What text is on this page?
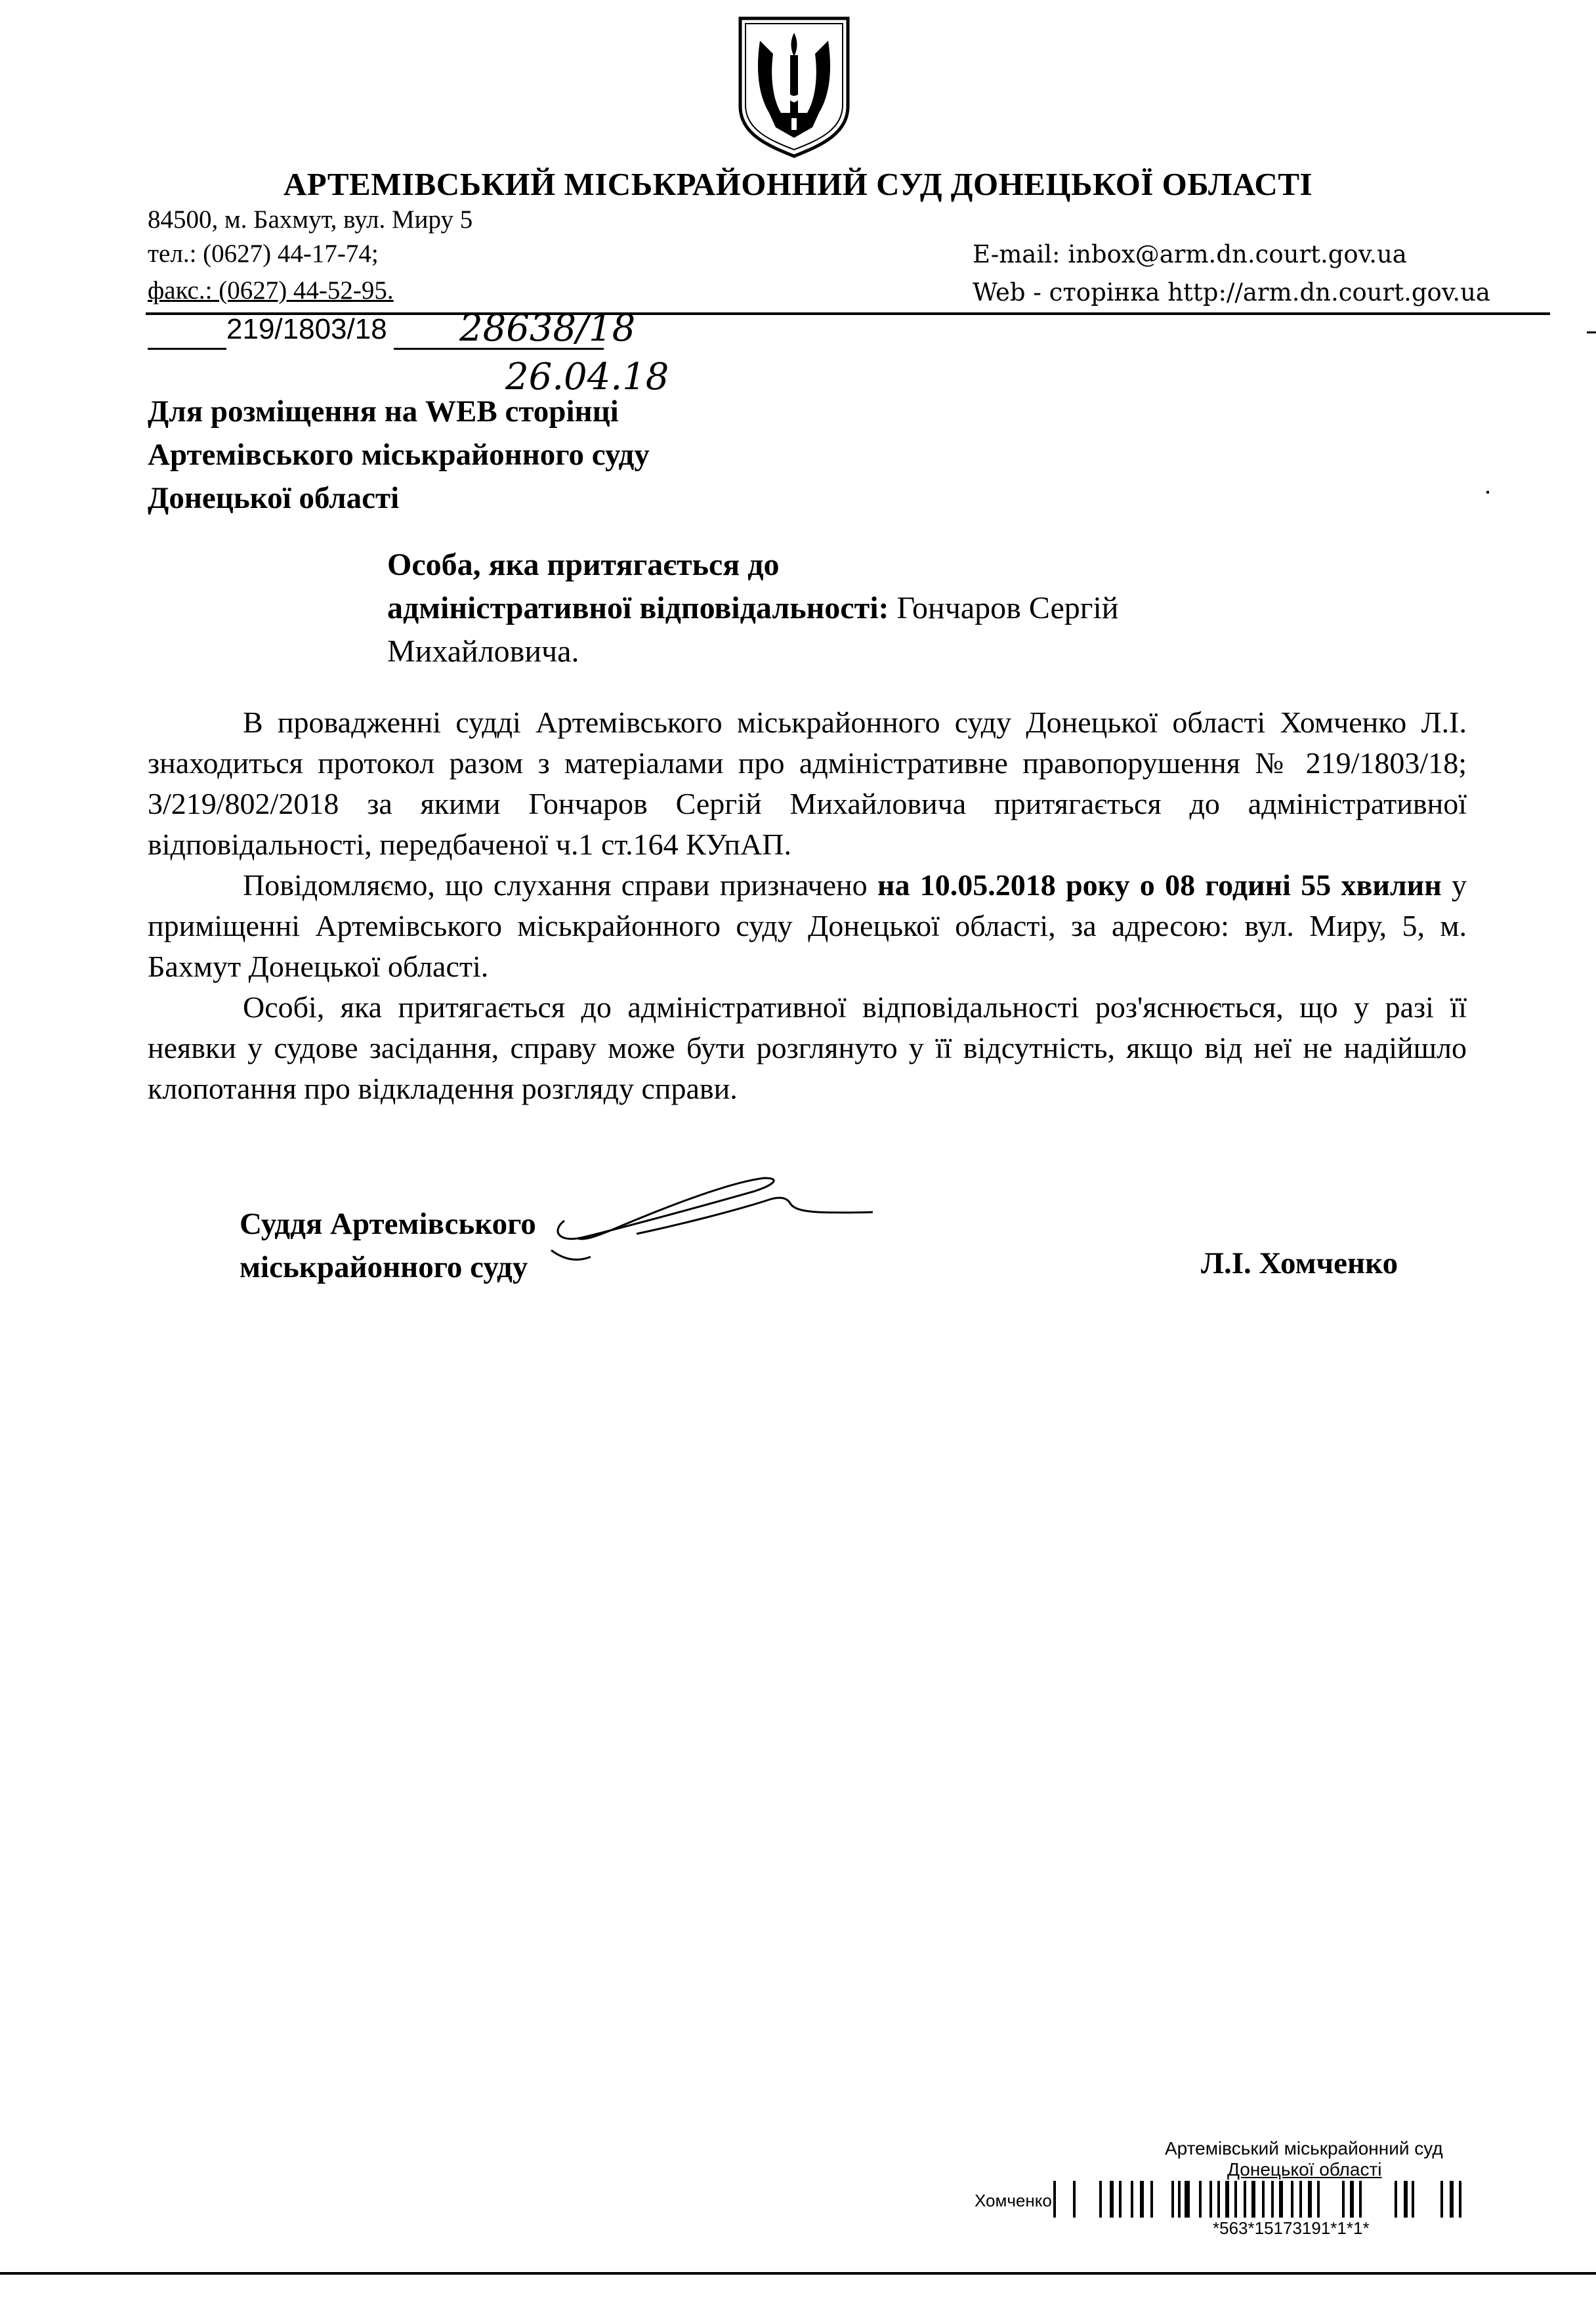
АРТЕМІВСЬКИЙ МІСЬКРАЙОННИЙ СУД ДОНЕЦЬКОЇ ОБЛАСТІ
84500, м. Бахмут, вул. Миру 5
тел.: (0627) 44-17-74;
факс.: (0627) 44-52-95.
E-mail: inbox@arm.dn.court.gov.ua
Web - сторінка http://arm.dn.court.gov.ua
219/1803/18 28638/18
26.04.18
Для розміщення на WEB сторінці
Артемівського міськрайонного суду
Донецької області
Особа, яка притягається до
адміністративної відповідальності: Гончаров Сергій
Михайловича.

В провадженні судді Артемівського міськрайонного суду Донецької області Хомченко Л.І. знаходиться протокол разом з матеріалами про адміністративне правопорушення № 219/1803/18; 3/219/802/2018 за якими Гончаров Сергій Михайловича притягається до адміністративної відповідальності, передбаченої ч.1 ст.164 КУпАП.

Повідомляємо, що слухання справи призначено на 10.05.2018 року о 08 годині 55 хвилин у приміщенні Артемівського міськрайонного суду Донецької області, за адресою: вул. Миру, 5, м. Бахмут Донецької області.

Особі, яка притягається до адміністративної відповідальності роз'яснюється, що у разі її неявки у судове засідання, справу може бути розглянуто у її відсутність, якщо від неї не надійшло клопотання про відкладення розгляду справи.

Суддя Артемівського
міськрайонного суду	Л.І. Хомченко
Артемівський міськрайонний суд
Донецької області
Хомченко
*563*15173191*1*1*
